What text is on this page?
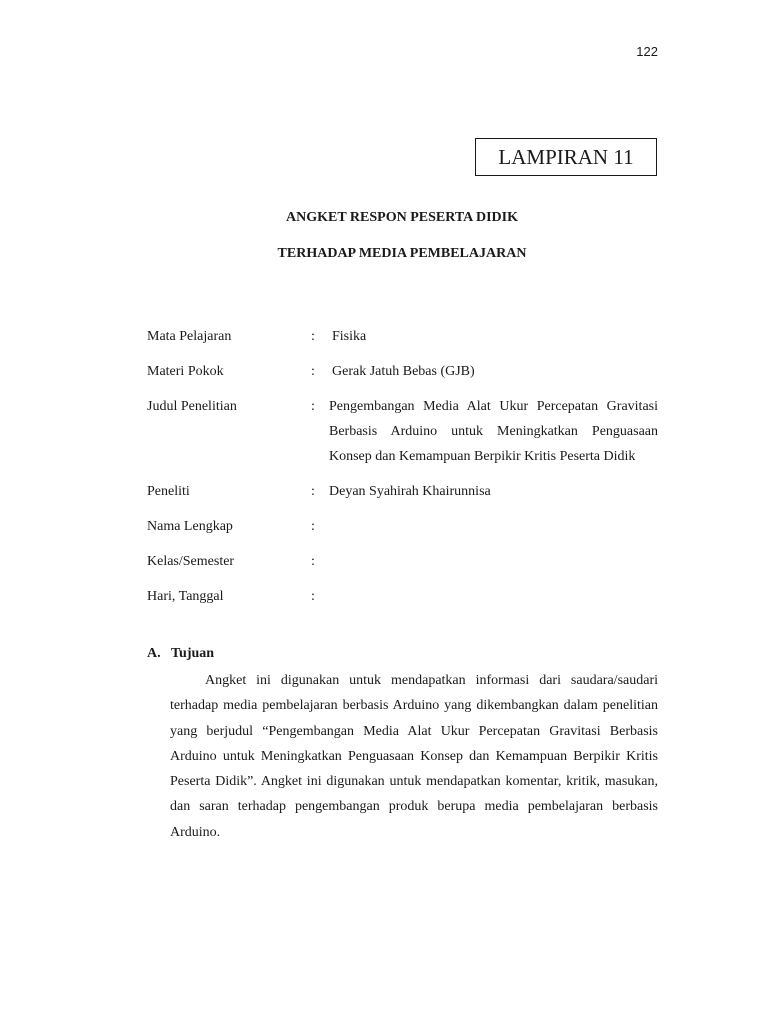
122
LAMPIRAN 11
ANGKET RESPON PESERTA DIDIK
TERHADAP MEDIA PEMBELAJARAN
Mata Pelajaran	:	Fisika
Materi Pokok	:	Gerak Jatuh Bebas (GJB)
Judul Penelitian	:	Pengembangan Media Alat Ukur Percepatan Gravitasi Berbasis Arduino untuk Meningkatkan Penguasaan Konsep dan Kemampuan Berpikir Kritis Peserta Didik
Peneliti	:	Deyan Syahirah Khairunnisa
Nama Lengkap	:
Kelas/Semester	:
Hari, Tanggal	:
A. Tujuan

Angket ini digunakan untuk mendapatkan informasi dari saudara/saudari terhadap media pembelajaran berbasis Arduino yang dikembangkan dalam penelitian yang berjudul “Pengembangan Media Alat Ukur Percepatan Gravitasi Berbasis Arduino untuk Meningkatkan Penguasaan Konsep dan Kemampuan Berpikir Kritis Peserta Didik”. Angket ini digunakan untuk mendapatkan komentar, kritik, masukan, dan saran terhadap pengembangan produk berupa media pembelajaran berbasis Arduino.
